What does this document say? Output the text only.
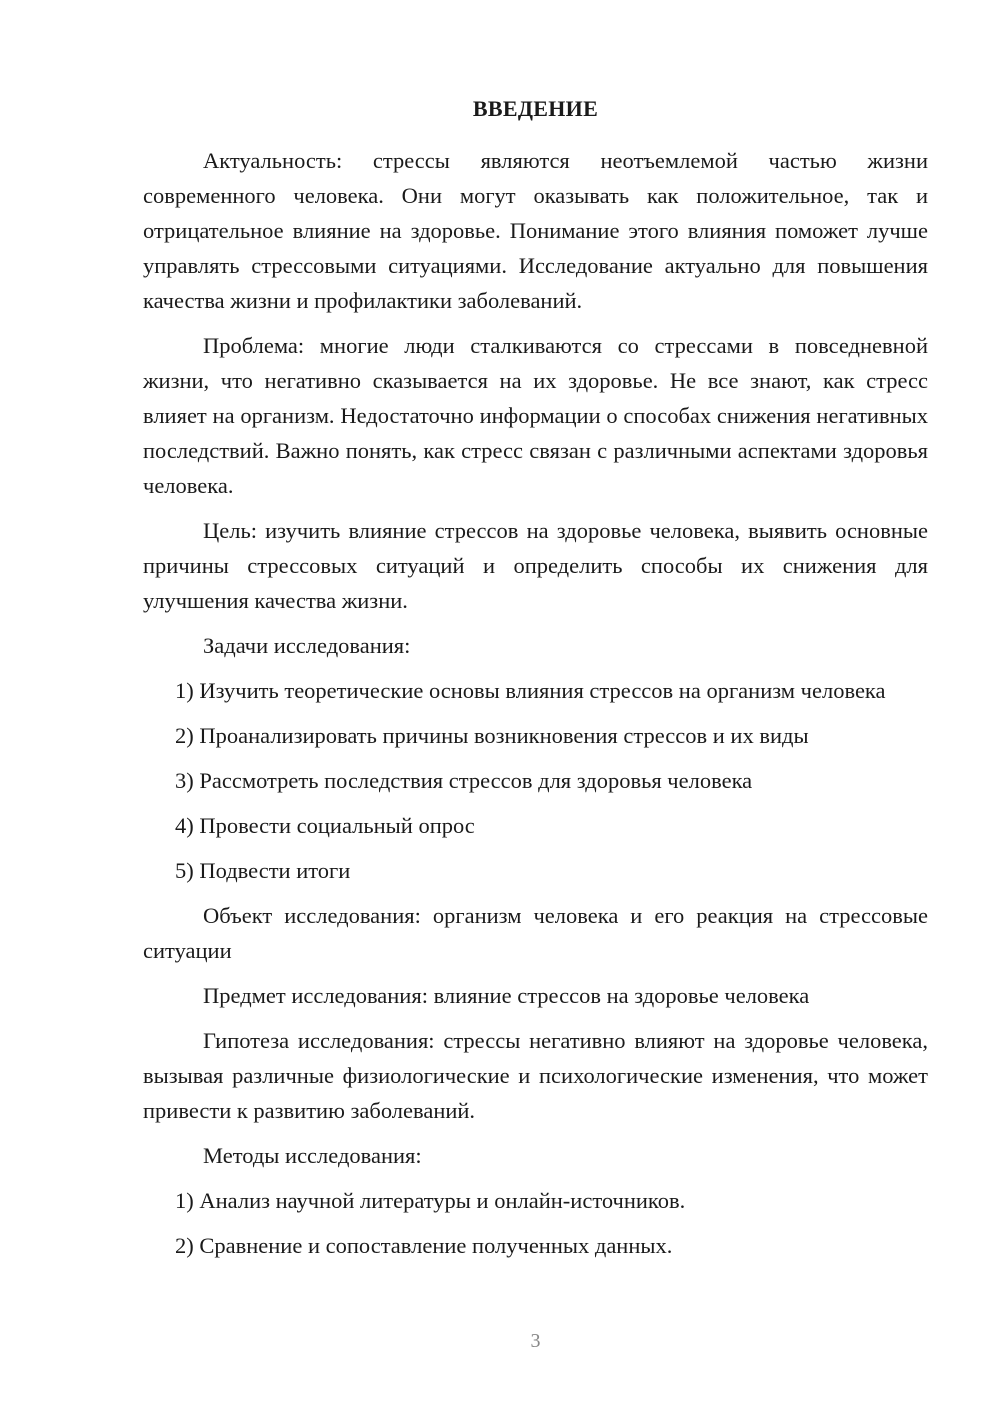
ВВЕДЕНИЕ

Актуальность: стрессы являются неотъемлемой частью жизни современного человека. Они могут оказывать как положительное, так и отрицательное влияние на здоровье. Понимание этого влияния поможет лучше управлять стрессовыми ситуациями. Исследование актуально для повышения качества жизни и профилактики заболеваний.

Проблема: многие люди сталкиваются со стрессами в повседневной жизни, что негативно сказывается на их здоровье. Не все знают, как стресс влияет на организм. Недостаточно информации о способах снижения негативных последствий. Важно понять, как стресс связан с различными аспектами здоровья человека.

Цель: изучить влияние стрессов на здоровье человека, выявить основные причины стрессовых ситуаций и определить способы их снижения для улучшения качества жизни.

Задачи исследования:

1) Изучить теоретические основы влияния стрессов на организм человека

2) Проанализировать причины возникновения стрессов и их виды

3) Рассмотреть последствия стрессов для здоровья человека

4) Провести социальный опрос

5) Подвести итоги

Объект исследования: организм человека и его реакция на стрессовые ситуации

Предмет исследования: влияние стрессов на здоровье человека

Гипотеза исследования: стрессы негативно влияют на здоровье человека, вызывая различные физиологические и психологические изменения, что может привести к развитию заболеваний.

Методы исследования:

1) Анализ научной литературы и онлайн-источников.

2) Сравнение и сопоставление полученных данных.

3
